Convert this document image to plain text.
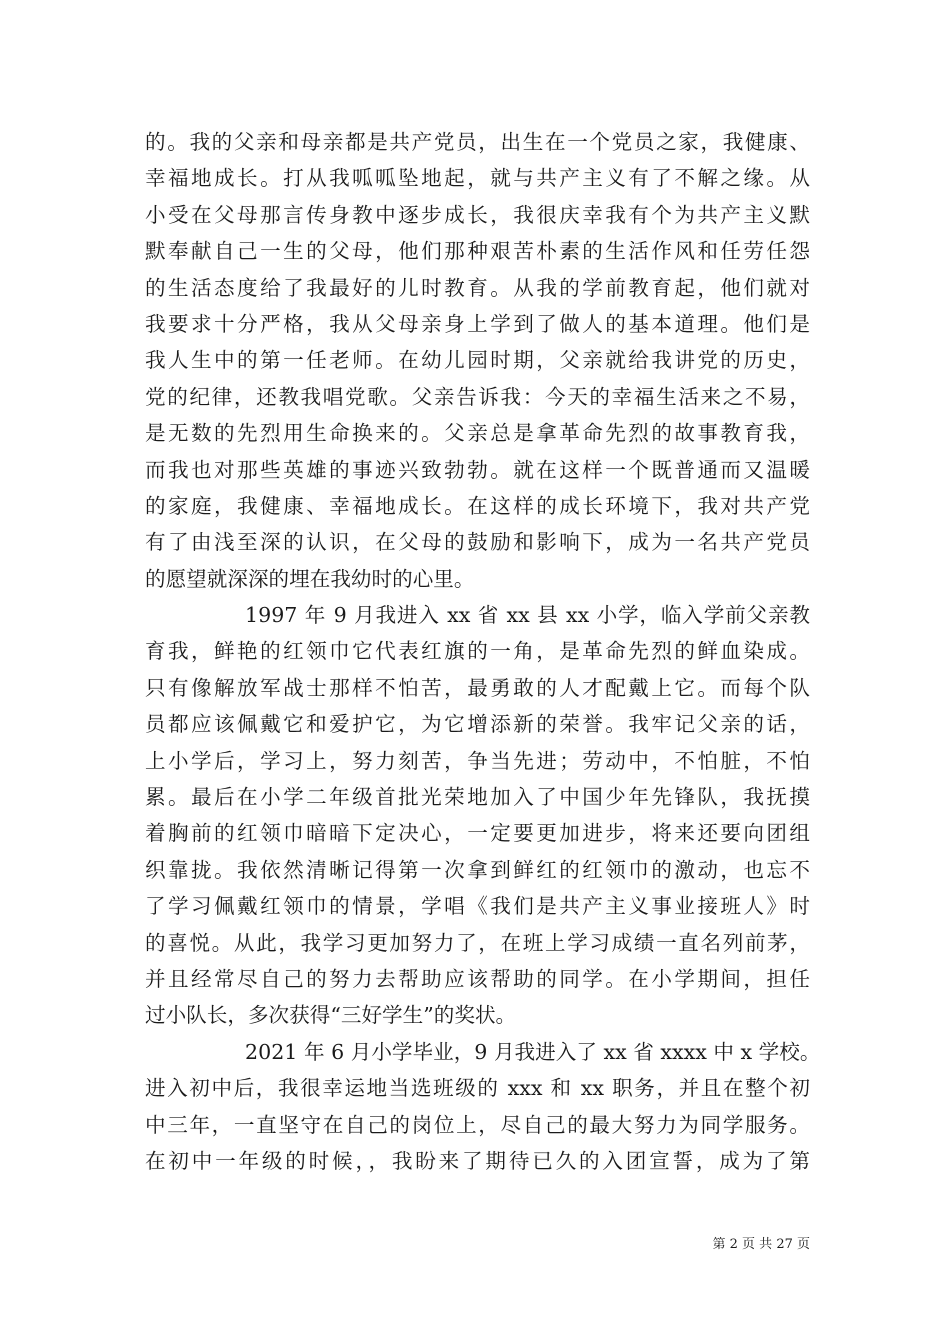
的。我的父亲和母亲都是共产党员，出生在一个党员之家，我健康、
幸福地成长。打从我呱呱坠地起，就与共产主义有了不解之缘。从
小受在父母那言传身教中逐步成长，我很庆幸我有个为共产主义默
默奉献自己一生的父母，他们那种艰苦朴素的生活作风和任劳任怨
的生活态度给了我最好的儿时教育。从我的学前教育起，他们就对
我要求十分严格，我从父母亲身上学到了做人的基本道理。他们是
我人生中的第一任老师。在幼儿园时期，父亲就给我讲党的历史，
党的纪律，还教我唱党歌。父亲告诉我：今天的幸福生活来之不易，
是无数的先烈用生命换来的。父亲总是拿革命先烈的故事教育我，
而我也对那些英雄的事迹兴致勃勃。就在这样一个既普通而又温暖
的家庭，我健康、幸福地成长。在这样的成长环境下，我对共产党
有了由浅至深的认识，在父母的鼓励和影响下，成为一名共产党员
的愿望就深深的埋在我幼时的心里。
1997 年 9 月我进入 xx 省 xx 县 xx 小学，临入学前父亲教
育我，鲜艳的红领巾它代表红旗的一角，是革命先烈的鲜血染成。
只有像解放军战士那样不怕苦，最勇敢的人才配戴上它。而每个队
员都应该佩戴它和爱护它，为它增添新的荣誉。我牢记父亲的话，
上小学后，学习上，努力刻苦，争当先进；劳动中，不怕脏，不怕
累。最后在小学二年级首批光荣地加入了中国少年先锋队，我抚摸
着胸前的红领巾暗暗下定决心，一定要更加进步，将来还要向团组
织靠拢。我依然清晰记得第一次拿到鲜红的红领巾的激动，也忘不
了学习佩戴红领巾的情景，学唱《我们是共产主义事业接班人》时
的喜悦。从此，我学习更加努力了，在班上学习成绩一直名列前茅，
并且经常尽自己的努力去帮助应该帮助的同学。在小学期间，担任
过小队长，多次获得“三好学生”的奖状。
2021 年 6 月小学毕业，9 月我进入了 xx 省 xxxx 中 x 学校。
进入初中后，我很幸运地当选班级的 xxx 和 xx 职务，并且在整个初
中三年，一直坚守在自己的岗位上，尽自己的最大努力为同学服务。
在初中一年级的时候，，我盼来了期待已久的入团宣誓，成为了第
第 2 页 共 27 页
